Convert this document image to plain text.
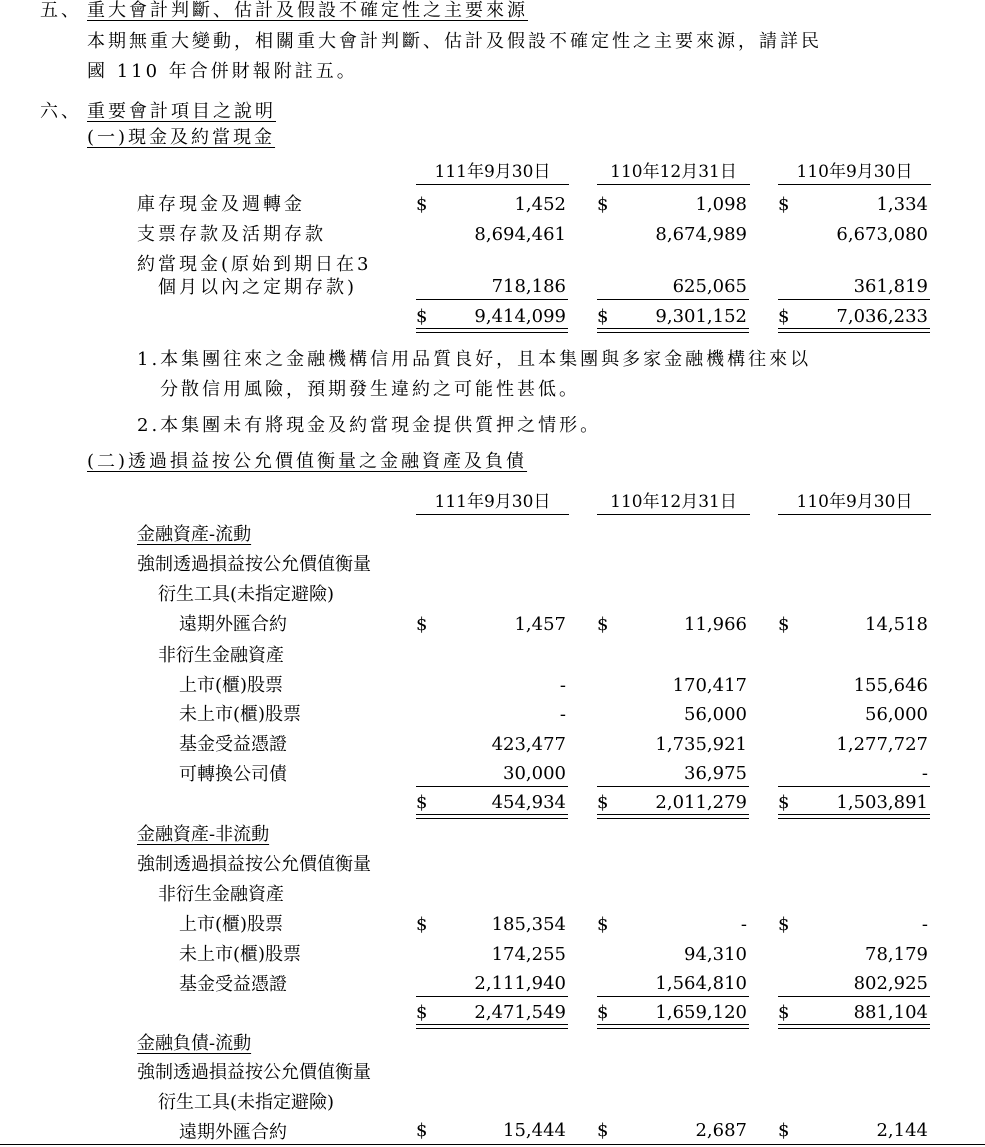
五、 重大會計判斷、估計及假設不確定性之主要來源
本期無重大變動，相關重大會計判斷、估計及假設不確定性之主要來源，請詳民
國 110 年合併財報附註五。
六、 重要會計項目之說明
(一)現金及約當現金
111年9月30日	110年12月31日	110年9月30日
庫存現金及週轉金	$	1,452 $	1,098 $	1,334
支票存款及活期存款	8,694,461	8,674,989	6,673,080
約當現金(原始到期日在3
個月以內之定期存款)	718,186	625,065	361,819
$	9,414,099 $	9,301,152 $	7,036,233
1.本集團往來之金融機構信用品質良好，且本集團與多家金融機構往來以
分散信用風險，預期發生違約之可能性甚低。
2.本集團未有將現金及約當現金提供質押之情形。
(二)透過損益按公允價值衡量之金融資產及負債
111年9月30日	110年12月31日	110年9月30日
金融資產-流動
強制透過損益按公允價值衡量
衍生工具(未指定避險)
遠期外匯合約	$	1,457 $	11,966 $	14,518
非衍生金融資產
上市(櫃)股票	-	170,417	155,646
未上市(櫃)股票	-	56,000	56,000
基金受益憑證	423,477	1,735,921	1,277,727
可轉換公司債	30,000	36,975	-
$	454,934 $	2,011,279 $	1,503,891
金融資產-非流動
強制透過損益按公允價值衡量
非衍生金融資產
上市(櫃)股票	$	185,354 $	- $	-
未上市(櫃)股票	174,255	94,310	78,179
基金受益憑證	2,111,940	1,564,810	802,925
$	2,471,549 $	1,659,120 $	881,104
金融負債-流動
強制透過損益按公允價值衡量
衍生工具(未指定避險)
遠期外匯合約	$	15,444 $	2,687 $	2,144
